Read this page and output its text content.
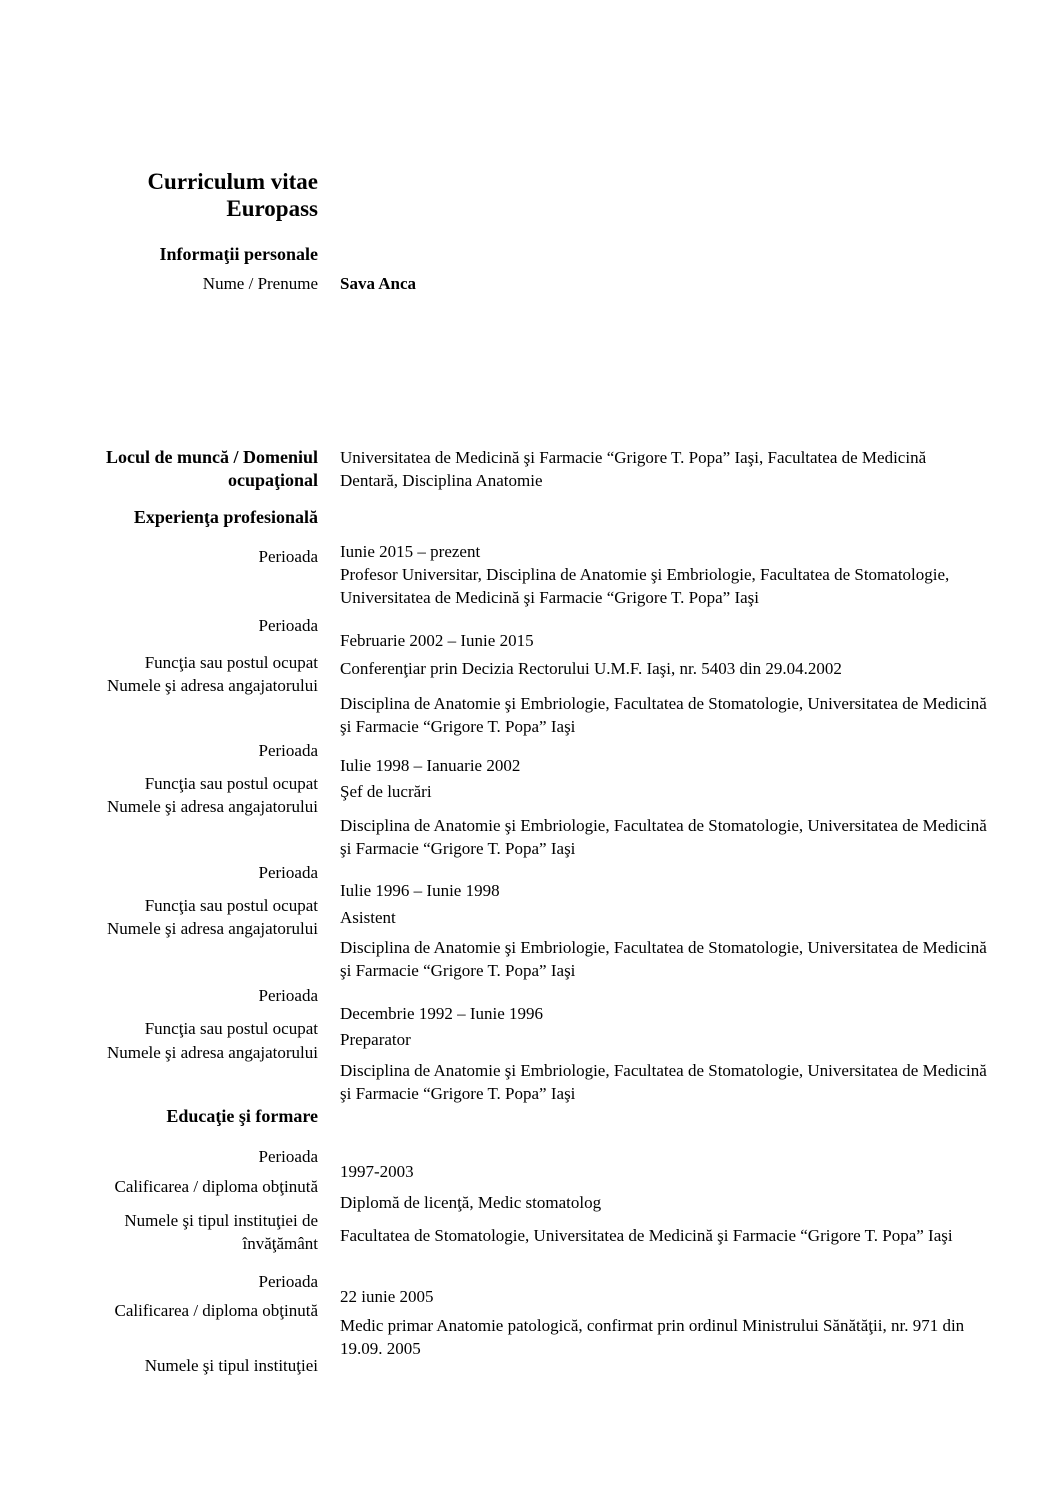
Curriculum vitae
Europass
Informaţii personale
Nume / Prenume Sava Anca
Locul de muncă / Domeniul ocupaţional
Universitatea de Medicină şi Farmacie “Grigore T. Popa” Iaşi, Facultatea de Medicină Dentară, Disciplina Anatomie
Experienţa profesională
Perioada Iunie 2015 – prezent
Profesor Universitar, Disciplina de Anatomie şi Embriologie, Facultatea de Stomatologie, Universitatea de Medicină şi Farmacie “Grigore T. Popa” Iaşi
Perioada
Februarie 2002 – Iunie 2015
Funcţia sau postul ocupat Conferenţiar prin Decizia Rectorului U.M.F. Iaşi, nr. 5403 din 29.04.2002
Numele şi adresa angajatorului
Disciplina de Anatomie şi Embriologie, Facultatea de Stomatologie, Universitatea de Medicină şi Farmacie “Grigore T. Popa” Iaşi
Perioada
Iulie 1998 – Ianuarie 2002
Funcţia sau postul ocupat Şef de lucrări
Numele şi adresa angajatorului
Disciplina de Anatomie şi Embriologie, Facultatea de Stomatologie, Universitatea de Medicină şi Farmacie “Grigore T. Popa” Iaşi
Perioada
Iulie 1996 – Iunie 1998
Funcţia sau postul ocupat
Asistent
Numele şi adresa angajatorului
Disciplina de Anatomie şi Embriologie, Facultatea de Stomatologie, Universitatea de Medicină şi Farmacie “Grigore T. Popa” Iaşi
Perioada
Decembrie 1992 – Iunie 1996
Funcţia sau postul ocupat
Preparator
Numele şi adresa angajatorului
Disciplina de Anatomie şi Embriologie, Facultatea de Stomatologie, Universitatea de Medicină şi Farmacie “Grigore T. Popa” Iaşi
Educaţie şi formare
Perioada
1997-2003
Calificarea / diploma obţinută
Diplomă de licenţă, Medic stomatolog
Numele şi tipul instituţiei de învăţământ Facultatea de Stomatologie, Universitatea de Medicină şi Farmacie “Grigore T. Popa” Iaşi
Perioada
22 iunie 2005
Calificarea / diploma obţinută
Medic primar Anatomie patologică, confirmat prin ordinul Ministrului Sănătăţii, nr. 971 din 19.09. 2005
Numele şi tipul instituţiei
